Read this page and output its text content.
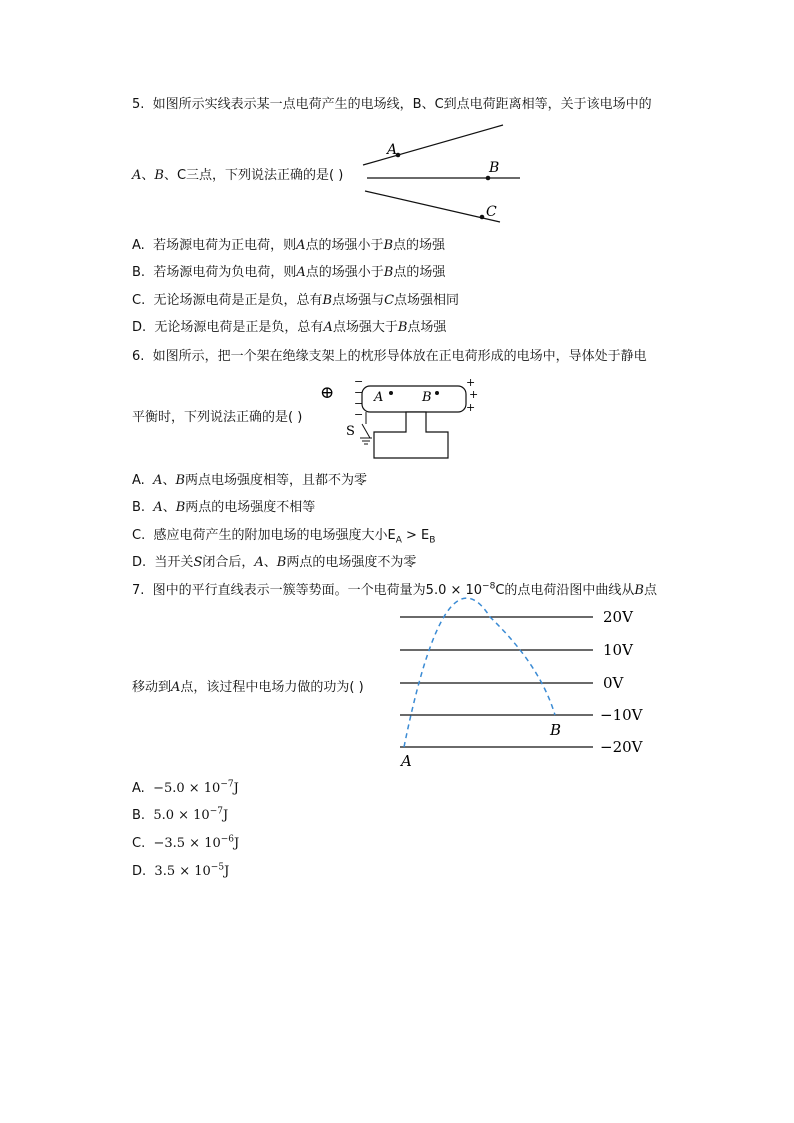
5. 如图所示实线表示某一点电荷产生的电场线，B、C到点电荷距离相等，关于该电场中的
A
B
C
A、B、C三点，下列说法正确的是( )
A. 若场源电荷为正电荷，则A点的场强小于B点的场强
B. 若场源电荷为负电荷，则A点的场强小于B点的场强
C. 无论场源电荷是正是负，总有B点场强与C点场强相同
D. 无论场源电荷是正是负，总有A点场强大于B点场强
6. 如图所示，把一个架在绝缘支架上的枕形导体放在正电荷形成的电场中，导体处于静电
⊕
−
−
−
−
+
+
+
A	B
S
平衡时，下列说法正确的是( )
A. A、B两点电场强度相等，且都不为零
B. A、B两点的电场强度不相等
C. 感应电荷产生的附加电场的电场强度大小$E_A > E_B$
D. 当开关S闭合后，A、B两点的电场强度不为零
7. 图中的平行直线表示一簇等势面。一个电荷量为$5.0 \times 10^{-8}C$的点电荷沿图中曲线从B点
20V
10V
0V
−10V
−20V
B
A
移动到A点，该过程中电场力做的功为( )
A. $-5.0 \times 10^{-7}J$
B. $5.0 \times 10^{-7}J$
C. $-3.5 \times 10^{-6}J$
D. $3.5 \times 10^{-5}J$
